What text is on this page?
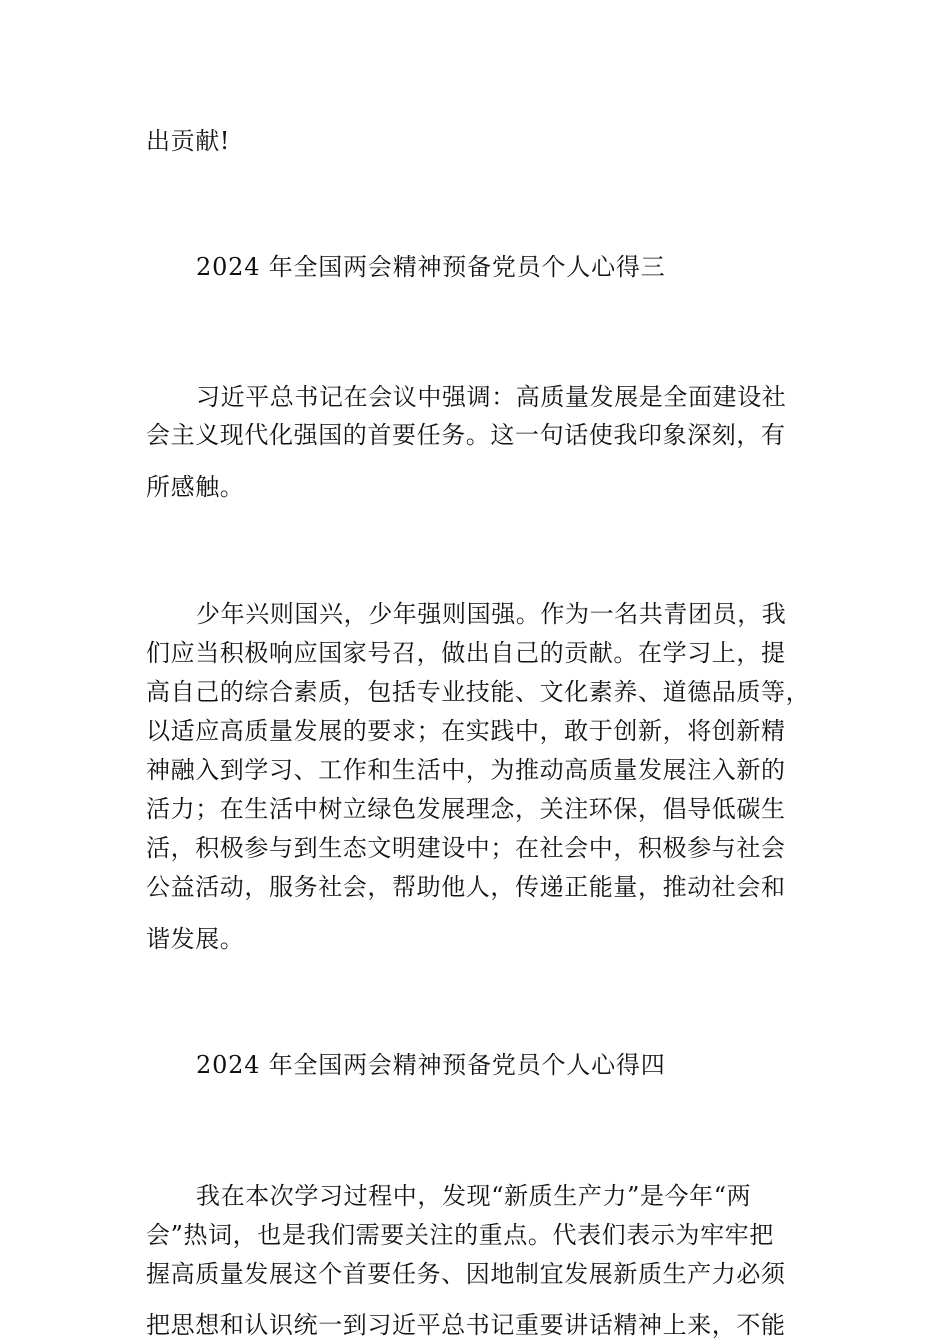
出贡献!
2024 年全国两会精神预备党员个人心得三
习近平总书记在会议中强调：高质量发展是全面建设社
会主义现代化强国的首要任务。这一句话使我印象深刻，有
所感触。
少年兴则国兴，少年强则国强。作为一名共青团员，我
们应当积极响应国家号召，做出自己的贡献。在学习上，提
高自己的综合素质，包括专业技能、文化素养、道德品质等，
以适应高质量发展的要求；在实践中，敢于创新，将创新精
神融入到学习、工作和生活中，为推动高质量发展注入新的
活力；在生活中树立绿色发展理念，关注环保，倡导低碳生
活，积极参与到生态文明建设中；在社会中，积极参与社会
公益活动，服务社会，帮助他人，传递正能量，推动社会和
谐发展。
2024 年全国两会精神预备党员个人心得四
我在本次学习过程中，发现“新质生产力”是今年“两
会”热词，也是我们需要关注的重点。代表们表示为牢牢把
握高质量发展这个首要任务、因地制宜发展新质生产力必须
把思想和认识统一到习近平总书记重要讲话精神上来，不能
